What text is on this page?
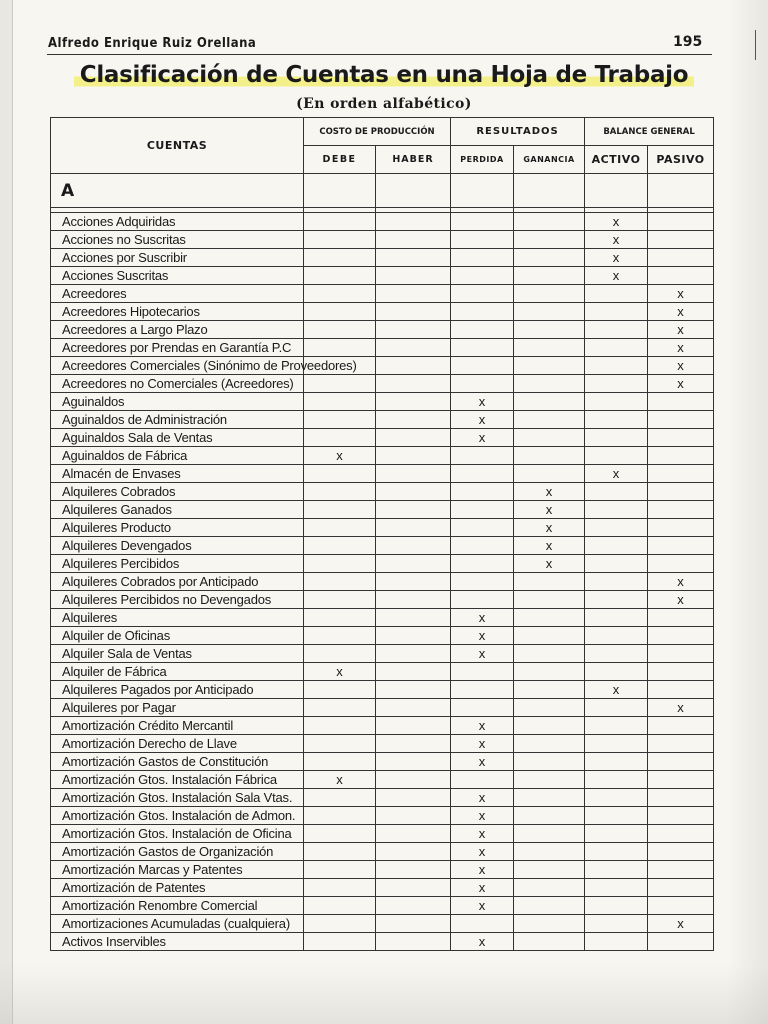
Alfredo Enrique Ruiz Orellana	195
Clasificación de Cuentas en una Hoja de Trabajo
(En orden alfabético)
CUENTAS	COSTO DE PRODUCCIÓN		RESULTADOS		BALANCE GENERAL	
	DEBE	HABER	PERDIDA	GANANCIA	ACTIVO	PASIVO
A						

Acciones Adquiridas					x	
Acciones no Suscritas					x	
Acciones por Suscribir					x	
Acciones Suscritas					x	
Acreedores						x
Acreedores Hipotecarios						x
Acreedores a Largo Plazo						x
Acreedores por Prendas en Garantía P.C						x
Acreedores Comerciales (Sinónimo de Proveedores)						x
Acreedores no Comerciales (Acreedores)						x
Aguinaldos			x			
Aguinaldos de Administración			x			
Aguinaldos Sala de Ventas			x			
Aguinaldos de Fábrica	x					
Almacén de Envases					x	
Alquileres Cobrados				x		
Alquileres Ganados				x		
Alquileres Producto				x		
Alquileres Devengados				x		
Alquileres Percibidos				x		
Alquileres Cobrados por Anticipado						x
Alquileres Percibidos no Devengados						x
Alquileres			x			
Alquiler de Oficinas			x			
Alquiler Sala de Ventas			x			
Alquiler de Fábrica	x					
Alquileres Pagados por Anticipado					x	
Alquileres por Pagar						x
Amortización Crédito Mercantil			x			
Amortización Derecho de Llave			x			
Amortización Gastos de Constitución			x			
Amortización Gtos. Instalación Fábrica	x					
Amortización Gtos. Instalación Sala Vtas.			x			
Amortización Gtos. Instalación de Admon.			x			
Amortización Gtos. Instalación de Oficina			x			
Amortización Gastos de Organización			x			
Amortización Marcas y Patentes			x			
Amortización de Patentes			x			
Amortización Renombre Comercial			x			
Amortizaciones Acumuladas (cualquiera)						x
Activos Inservibles			x			
